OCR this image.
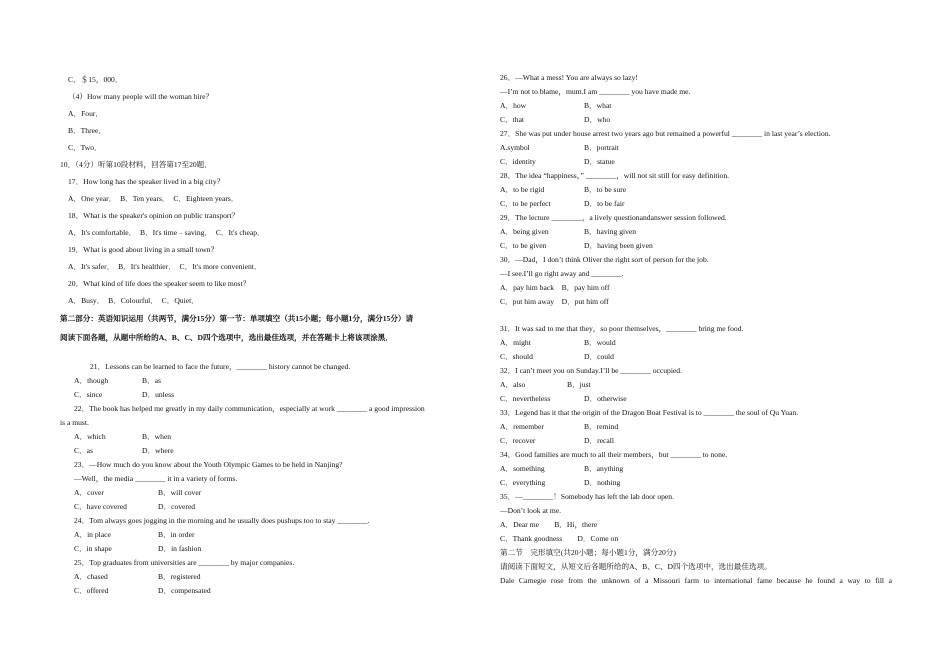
C．＄15，000．
（4）How many people will the woman hire？
A．Four．
B．Three．
C．Two．
10．（4分）听第10段材料，回答第17至20题．
17．How long has the speaker lived in a big city？
A．One year．　B．Ten years．　C．Eighteen years．
18．What is the speaker's opinion on public transport？
A．It's comfortable．　B．It's time﹣saving．　C．It's cheap．
19．What is good about living in a small town？
A．It's safer．　B．It's healthier．　C．It's more convenient．
20．What kind of life does the speaker seem to like most？
A．Busy．　B．Colourful．　C．Quiet．
第二部分：英语知识运用（共两节，满分15分）第一节：单项填空（共15小题；每小题1分，满分15分）请
阅读下面各题，从题中所给的A、B、C、D四个选项中，选出最佳选项，并在答题卡上将该项涂黑．
21．Lessons can be learned to face the future，________ history cannot be changed.
A．though	B．as
C．since	D．unless
22．The book has helped me greatly in my daily communication，especially at work ________ a good impression
is a must.
A．which	B．when
C．as	D．where
23．—How much do you know about the Youth Olympic Games to be held in Nanjing?
—Well，the media ________ it in a variety of forms.
A．cover	B．will cover
C．have covered	D．covered
24．Tom always goes jogging in the morning and he usually does pushups too to stay ________.
A．in place	B．in order
C．in shape	D．in fashion
25．Top graduates from universities are ________ by major companies.
A．chased	B．registered
C．offered	D．compensated
26．—What a mess! You are always so lazy!
—I’m not to blame，mum.I am ________ you have made me.
A．how	B．what
C．that	D．who
27．She was put under house arrest two years ago but remained a powerful ________ in last year’s election.
A.symbol	B．portrait
C．identity	D．statue
28．The idea “happiness，” ________，will not sit still for easy definition.
A．to be rigid	B．to be sure
C．to be perfect	D．to be fair
29．The lecture ________，a lively questionandanswer session followed.
A．being given	B．having given
C．to be given	D．having been given
30．—Dad，I don’t think Oliver the right sort of person for the job.
—I see.I’ll go right away and ________.
A．pay him back　B．pay him off
C．put him away　D．put him off
31．It was sad to me that they，so poor themselves，________ bring me food.
A．might	B．would
C．should	D．could
32．I can’t meet you on Sunday.I’ll be ________ occupied.
A．also	B．just
C．nevertheless	D．otherwise
33．Legend has it that the origin of the Dragon Boat Festival is to ________ the soul of Qu Yuan.
A．remember	B．remind
C．recover	D．recall
34．Good families are much to all their members，but ________ to none.
A．something	B．anything
C．everything	D．nothing
35．—________！Somebody has left the lab door open.
—Don’t look at me.
A．Dear me　　B．Hi，there
C．Thank goodness　　D．Come on
第二节　完形填空(共20小题；每小题1分，满分20分)
请阅读下面短文，从短文后各题所给的A、B、C、D四个选项中，选出最佳选项。
Dale Carnegie rose from the unknown of a Missouri farm to international fame because he found a way to fill a
